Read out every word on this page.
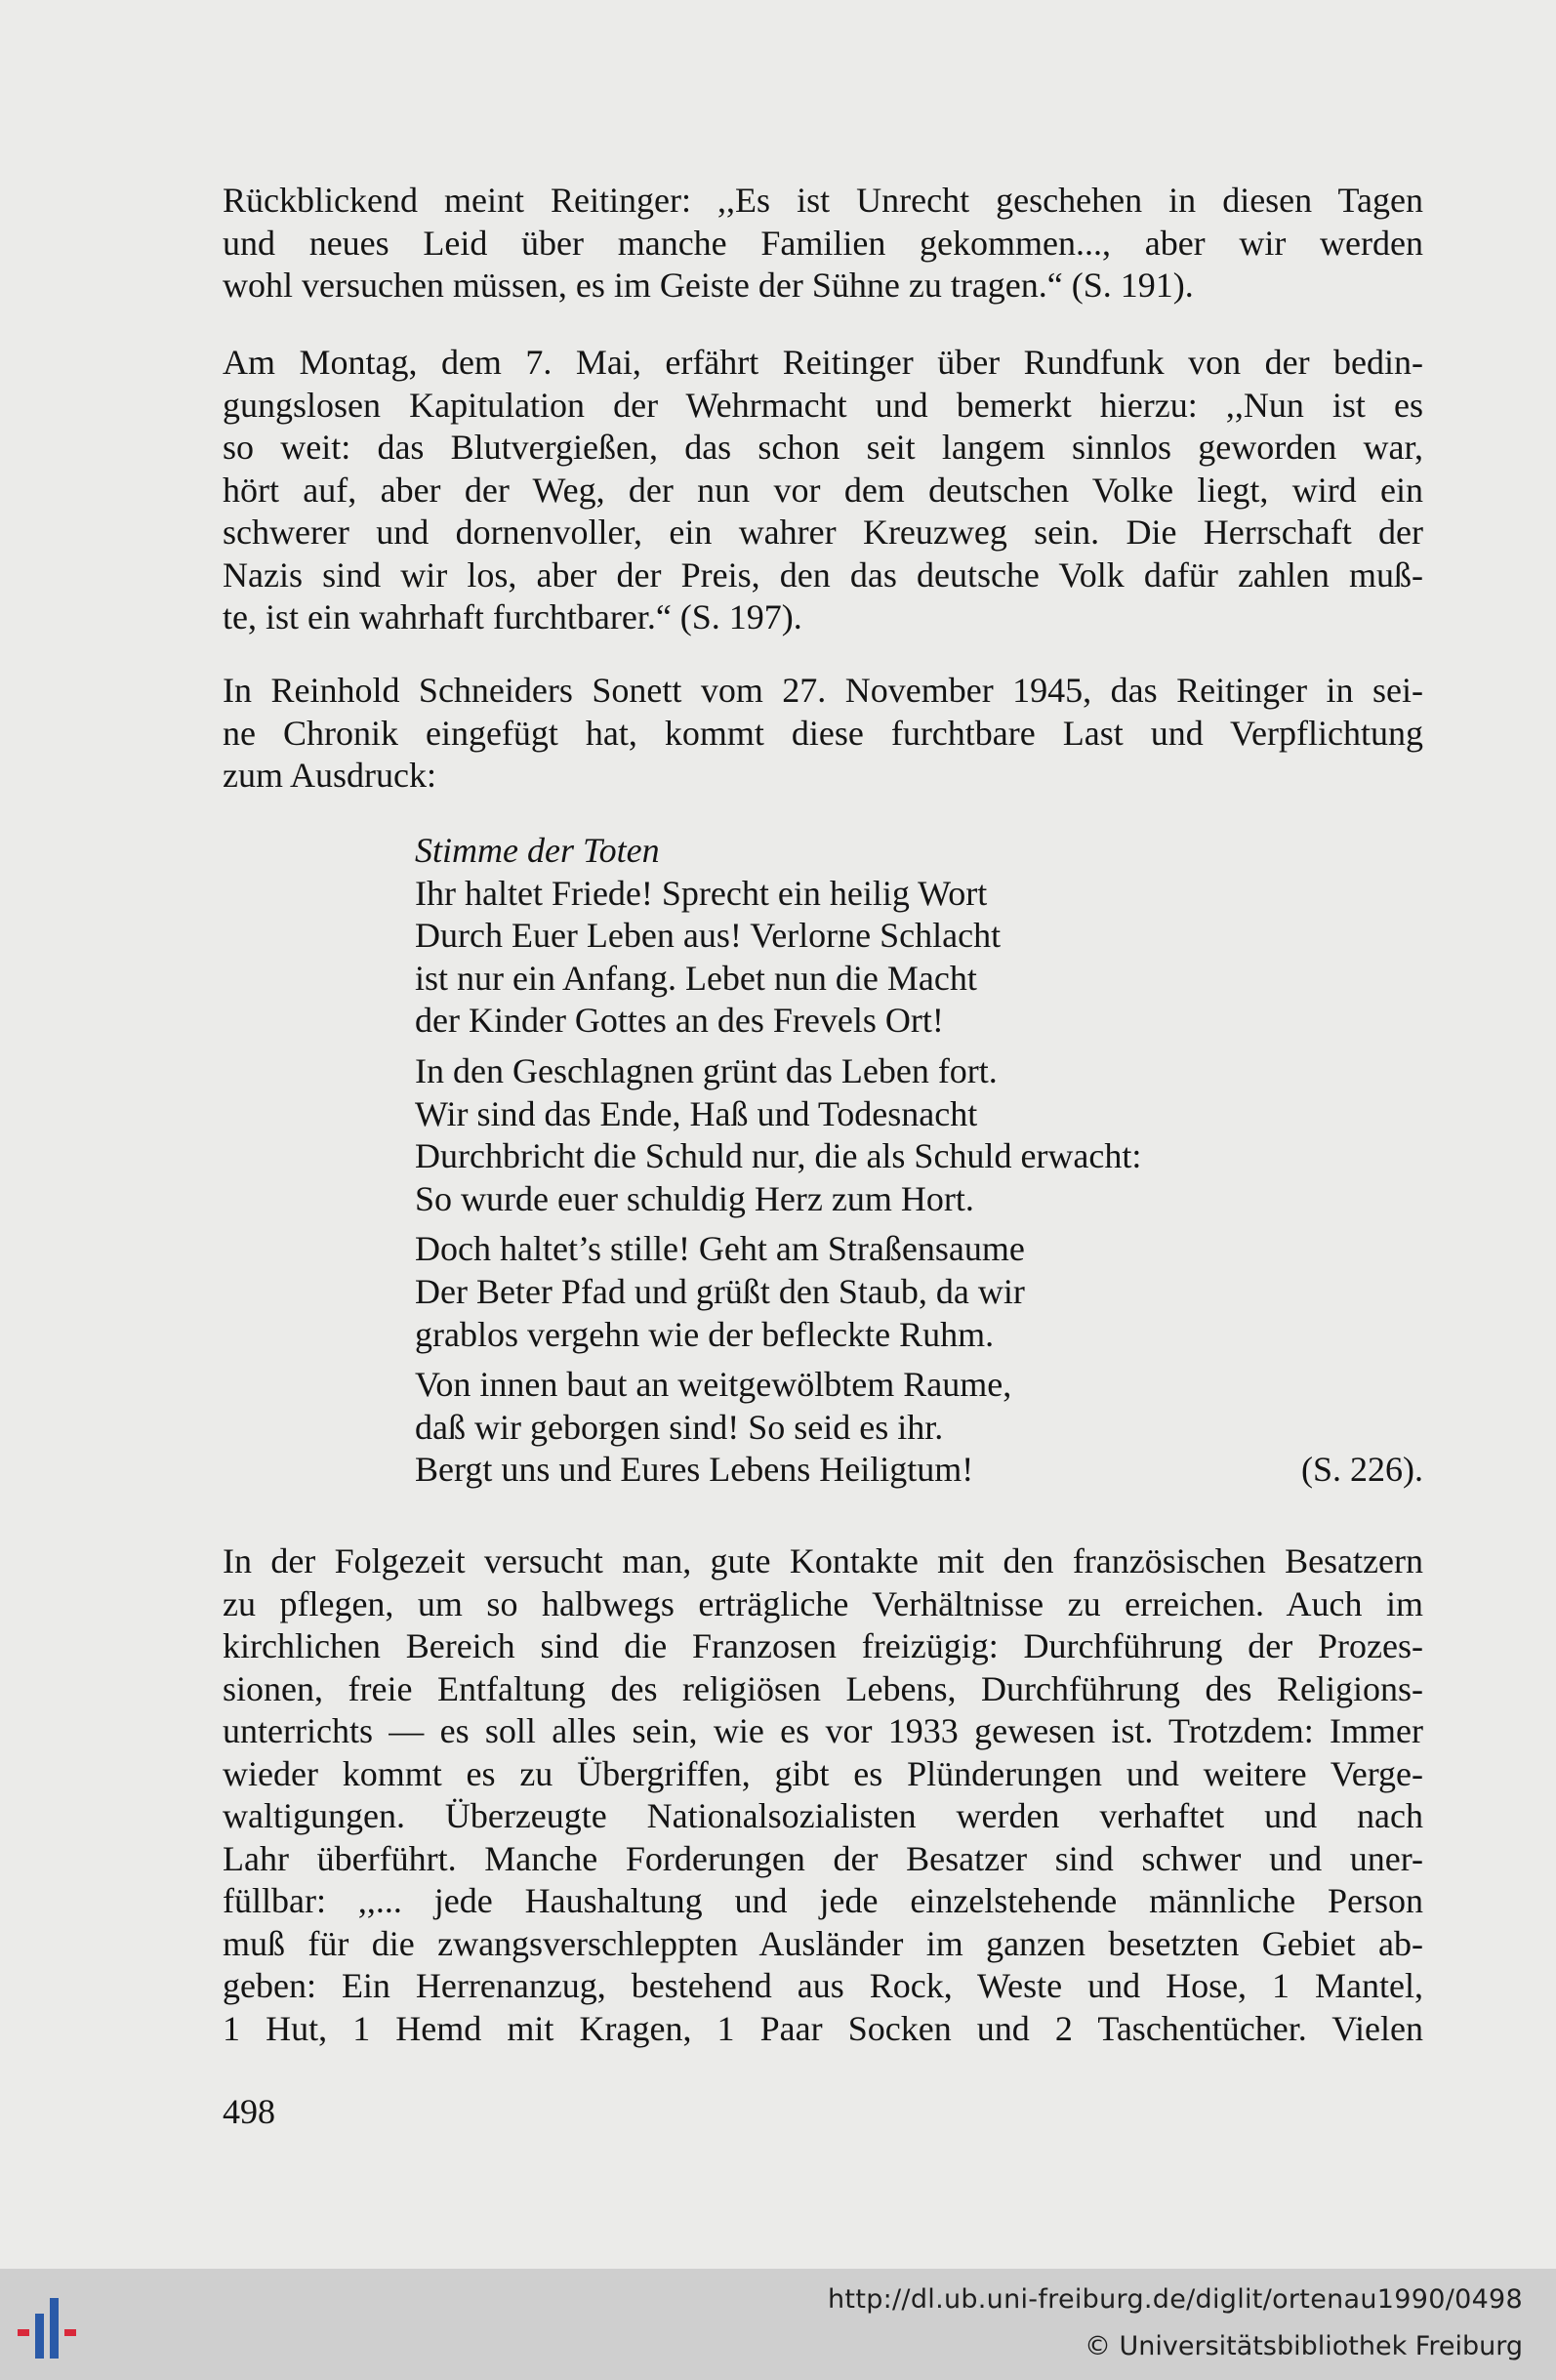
Rückblickend meint Reitinger: ,,Es ist Unrecht geschehen in diesen Tagen
und neues Leid über manche Familien gekommen..., aber wir werden
wohl versuchen müssen, es im Geiste der Sühne zu tragen.“ (S. 191).
Am Montag, dem 7. Mai, erfährt Reitinger über Rundfunk von der bedin-
gungslosen Kapitulation der Wehrmacht und bemerkt hierzu: ,,Nun ist es
so weit: das Blutvergießen, das schon seit langem sinnlos geworden war,
hört auf, aber der Weg, der nun vor dem deutschen Volke liegt, wird ein
schwerer und dornenvoller, ein wahrer Kreuzweg sein. Die Herrschaft der
Nazis sind wir los, aber der Preis, den das deutsche Volk dafür zahlen muß-
te, ist ein wahrhaft furchtbarer.“ (S. 197).
In Reinhold Schneiders Sonett vom 27. November 1945, das Reitinger in sei-
ne Chronik eingefügt hat, kommt diese furchtbare Last und Verpflichtung
zum Ausdruck:
Stimme der Toten
Ihr haltet Friede! Sprecht ein heilig Wort
Durch Euer Leben aus! Verlorne Schlacht
ist nur ein Anfang. Lebet nun die Macht
der Kinder Gottes an des Frevels Ort!
In den Geschlagnen grünt das Leben fort.
Wir sind das Ende, Haß und Todesnacht
Durchbricht die Schuld nur, die als Schuld erwacht:
So wurde euer schuldig Herz zum Hort.
Doch haltet’s stille! Geht am Straßensaume
Der Beter Pfad und grüßt den Staub, da wir
grablos vergehn wie der befleckte Ruhm.
Von innen baut an weitgewölbtem Raume,
daß wir geborgen sind! So seid es ihr.
Bergt uns und Eures Lebens Heiligtum!	(S. 226).
In der Folgezeit versucht man, gute Kontakte mit den französischen Besatzern
zu pflegen, um so halbwegs erträgliche Verhältnisse zu erreichen. Auch im
kirchlichen Bereich sind die Franzosen freizügig: Durchführung der Prozes-
sionen, freie Entfaltung des religiösen Lebens, Durchführung des Religions-
unterrichts — es soll alles sein, wie es vor 1933 gewesen ist. Trotzdem: Immer
wieder kommt es zu Übergriffen, gibt es Plünderungen und weitere Verge-
waltigungen. Überzeugte Nationalsozialisten werden verhaftet und nach
Lahr überführt. Manche Forderungen der Besatzer sind schwer und uner-
füllbar: ,,... jede Haushaltung und jede einzelstehende männliche Person
muß für die zwangsverschleppten Ausländer im ganzen besetzten Gebiet ab-
geben: Ein Herrenanzug, bestehend aus Rock, Weste und Hose, 1 Mantel,
1 Hut, 1 Hemd mit Kragen, 1 Paar Socken und 2 Taschentücher. Vielen
498
http://dl.ub.uni-freiburg.de/diglit/ortenau1990/0498
© Universitätsbibliothek Freiburg
